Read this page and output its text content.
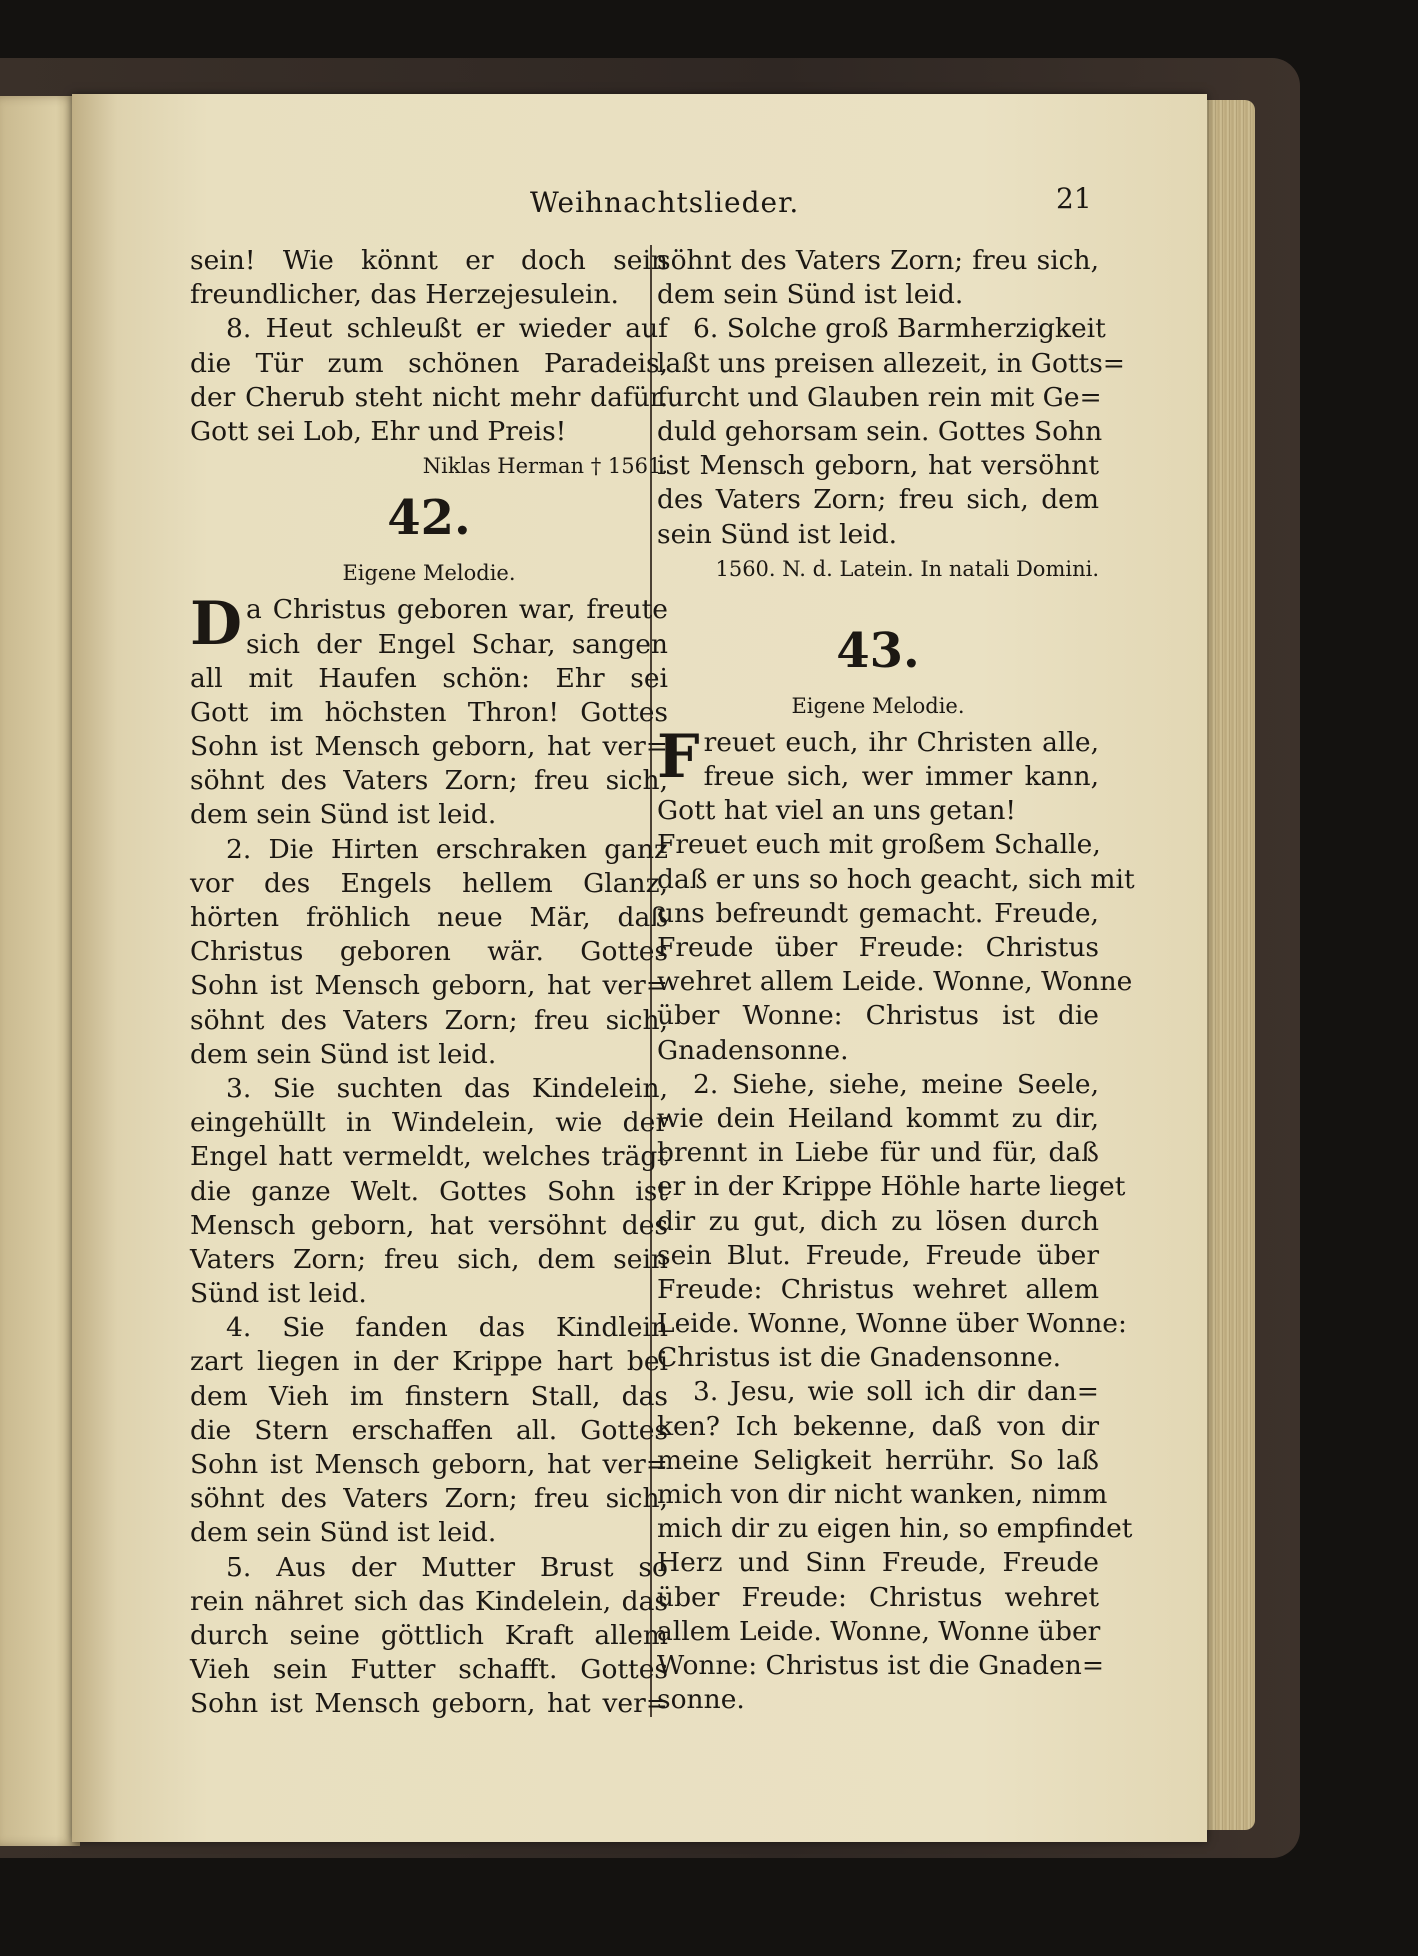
Weihnachtslieder.	21
sein! Wie könnt er doch sein
freundlicher, das Herzejesulein.
8. Heut schleußt er wieder auf
die Tür zum schönen Paradeis,
der Cherub steht nicht mehr dafür.
Gott sei Lob, Ehr und Preis!
Niklas Herman † 1561.
42.
Eigene Melodie.
D a Christus geboren war, freute
sich der Engel Schar, sangen
all mit Haufen schön: Ehr sei
Gott im höchsten Thron! Gottes
Sohn ist Mensch geborn, hat ver=
söhnt des Vaters Zorn; freu sich,
dem sein Sünd ist leid.
2. Die Hirten erschraken ganz
vor des Engels hellem Glanz,
hörten fröhlich neue Mär, daß
Christus geboren wär. Gottes
Sohn ist Mensch geborn, hat ver=
söhnt des Vaters Zorn; freu sich,
dem sein Sünd ist leid.
3. Sie suchten das Kindelein,
eingehüllt in Windelein, wie der
Engel hatt vermeldt, welches trägt
die ganze Welt. Gottes Sohn ist
Mensch geborn, hat versöhnt des
Vaters Zorn; freu sich, dem sein
Sünd ist leid.
4. Sie fanden das Kindlein
zart liegen in der Krippe hart bei
dem Vieh im finstern Stall, das
die Stern erschaffen all. Gottes
Sohn ist Mensch geborn, hat ver=
söhnt des Vaters Zorn; freu sich,
dem sein Sünd ist leid.
5. Aus der Mutter Brust so
rein nähret sich das Kindelein, das
durch seine göttlich Kraft allem
Vieh sein Futter schafft. Gottes
Sohn ist Mensch geborn, hat ver=
söhnt des Vaters Zorn; freu sich,
dem sein Sünd ist leid.
6. Solche groß Barmherzigkeit
laßt uns preisen allezeit, in Gotts=
furcht und Glauben rein mit Ge=
duld gehorsam sein. Gottes Sohn
ist Mensch geborn, hat versöhnt
des Vaters Zorn; freu sich, dem
sein Sünd ist leid.
1560. N. d. Latein. In natali Domini.
43.
Eigene Melodie.
F reuet euch, ihr Christen alle,
freue sich, wer immer kann,
Gott hat viel an uns getan!
Freuet euch mit großem Schalle,
daß er uns so hoch geacht, sich mit
uns befreundt gemacht. Freude,
Freude über Freude: Christus
wehret allem Leide. Wonne, Wonne
über Wonne: Christus ist die
Gnadensonne.
2. Siehe, siehe, meine Seele,
wie dein Heiland kommt zu dir,
brennt in Liebe für und für, daß
er in der Krippe Höhle harte lieget
dir zu gut, dich zu lösen durch
sein Blut. Freude, Freude über
Freude: Christus wehret allem
Leide. Wonne, Wonne über Wonne:
Christus ist die Gnadensonne.
3. Jesu, wie soll ich dir dan=
ken? Ich bekenne, daß von dir
meine Seligkeit herrühr. So laß
mich von dir nicht wanken, nimm
mich dir zu eigen hin, so empfindet
Herz und Sinn Freude, Freude
über Freude: Christus wehret
allem Leide. Wonne, Wonne über
Wonne: Christus ist die Gnaden=
sonne.
